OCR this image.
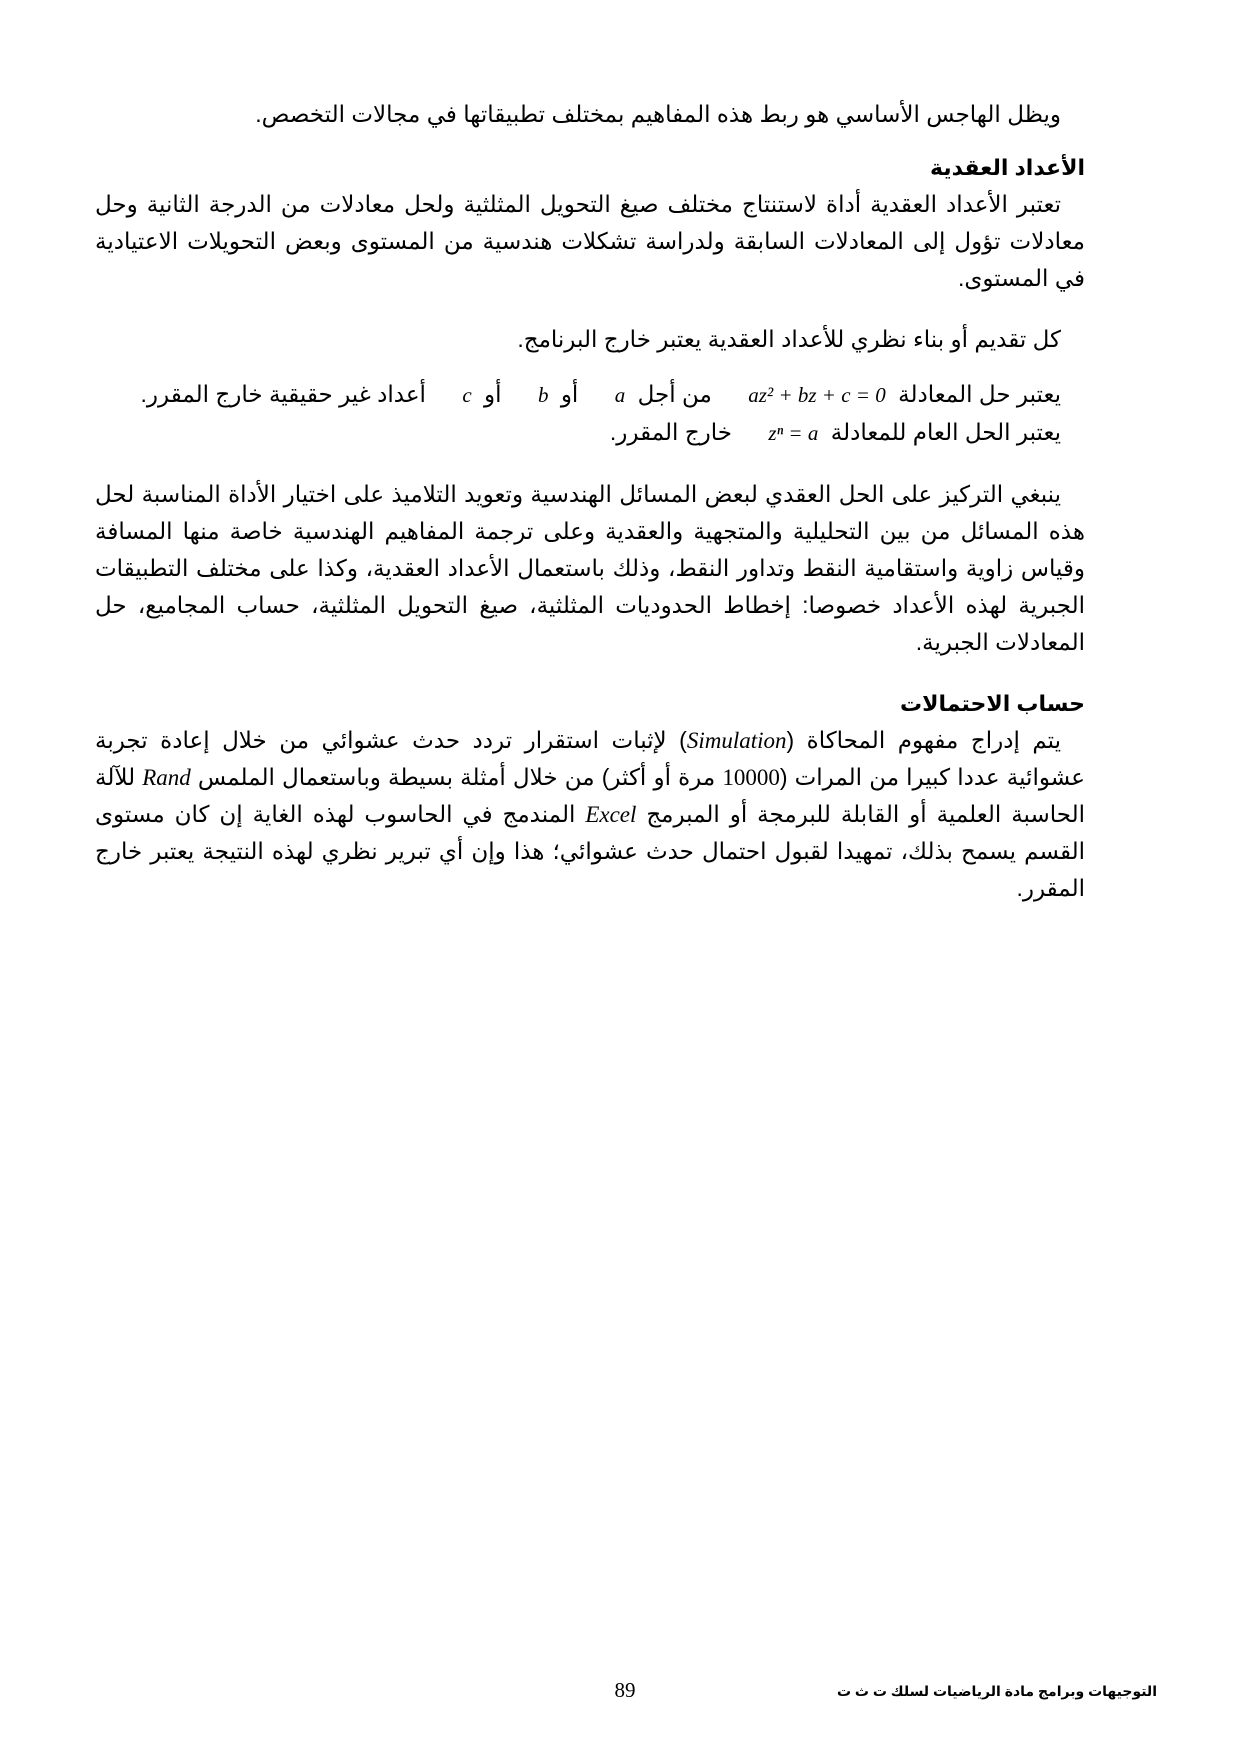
ويظل الهاجس الأساسي هو ربط هذه المفاهيم بمختلف تطبيقاتها في مجالات التخصص.

الأعداد العقدية

تعتبر الأعداد العقدية أداة لاستنتاج مختلف صيغ التحويل المثلثية ولحل معادلات من الدرجة الثانية وحل معادلات تؤول إلى المعادلات السابقة ولدراسة تشكلات هندسية من المستوى وبعض التحويلات الاعتيادية في المستوى.

كل تقديم أو بناء نظري للأعداد العقدية يعتبر خارج البرنامج.

يعتبر حل المعادلة az² + bz + c = 0 من أجل a أو b أو c أعداد غير حقيقية خارج المقرر.

يعتبر الحل العام للمعادلة zⁿ = a خارج المقرر.

ينبغي التركيز على الحل العقدي لبعض المسائل الهندسية وتعويد التلاميذ على اختيار الأداة المناسبة لحل هذه المسائل من بين التحليلية والمتجهية والعقدية وعلى ترجمة المفاهيم الهندسية خاصة منها المسافة وقياس زاوية واستقامية النقط وتداور النقط، وذلك باستعمال الأعداد العقدية، وكذا على مختلف التطبيقات الجبرية لهذه الأعداد خصوصا: إخطاط الحدوديات المثلثية، صيغ التحويل المثلثية، حساب المجاميع، حل المعادلات الجبرية.

حساب الاحتمالات

يتم إدراج مفهوم المحاكاة (Simulation) لإثبات استقرار تردد حدث عشوائي من خلال إعادة تجربة عشوائية عددا كبيرا من المرات (10000 مرة أو أكثر) من خلال أمثلة بسيطة وباستعمال الملمس Rand للآلة الحاسبة العلمية أو القابلة للبرمجة أو المبرمج Excel المندمج في الحاسوب لهذه الغاية إن كان مستوى القسم يسمح بذلك، تمهيدا لقبول احتمال حدث عشوائي؛ هذا وإن أي تبرير نظري لهذه النتيجة يعتبر خارج المقرر.

89	التوجيهات وبرامج مادة الرياضيات لسلك ت ث ت
